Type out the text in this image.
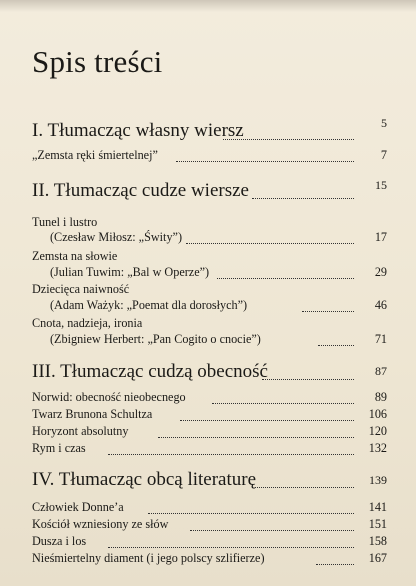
Spis treści
I. Tłumacząc własny wiersz	5
„Zemsta ręki śmiertelnej”	7
II. Tłumacząc cudze wiersze	15
Tunel i lustro
(Czesław Miłosz: „Świty”)	17
Zemsta na słowie
(Julian Tuwim: „Bal w Operze”)	29
Dziecięca naiwność
(Adam Ważyk: „Poemat dla dorosłych”)	46
Cnota, nadzieja, ironia
(Zbigniew Herbert: „Pan Cogito o cnocie”)	71
III. Tłumacząc cudzą obecność	87
Norwid: obecność nieobecnego	89
Twarz Brunona Schultza	106
Horyzont absolutny	120
Rym i czas	132
IV. Tłumacząc obcą literaturę	139
Człowiek Donne’a	141
Kościół wzniesiony ze słów	151
Dusza i los	158
Nieśmiertelny diament (i jego polscy szlifierze)	167
